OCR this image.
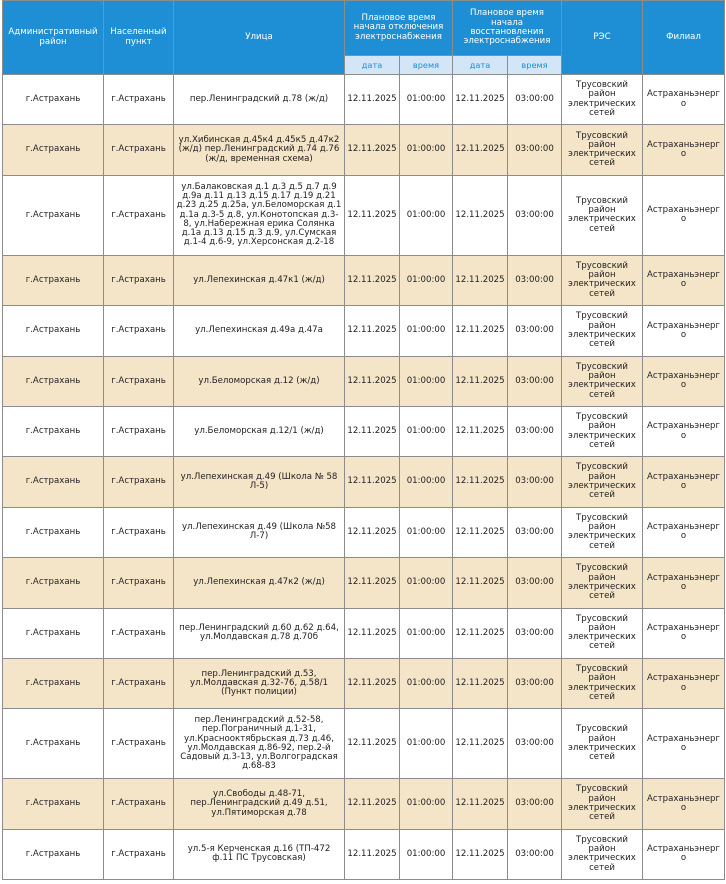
Административный район	Населенный пункт	Улица	Плановое время начала отключения электроснабжения		Плановое время начала восстановления электроснабжения		РЭС	Филиал
			дата	время	дата	время		
г.Астрахань	г.Астрахань	пер.Ленинградский д.78 (ж/д)	12.11.2025	01:00:00	12.11.2025	03:00:00	Трусовский район электрических сетей	Астраханьэнерго
г.Астрахань	г.Астрахань	ул.Хибинская д.45к4 д.45к5 д.47к2 (ж/д) пер.Ленинградский д.74 д.76 (ж/д, временная схема)	12.11.2025	01:00:00	12.11.2025	03:00:00	Трусовский район электрических сетей	Астраханьэнерго
г.Астрахань	г.Астрахань	ул.Балаковская д.1 д.3 д.5 д.7 д.9 д.9а д.11 д.13 д.15 д.17 д.19 д.21 д.23 д.25 д.25а, ул.Беломорская д.1 д.1а д.3-5 д.8, ул.Конотопская д.3-8, ул.Набережная ерика Солянка д.1а д.13 д.15 д.3 д.9, ул.Сумская д.1-4 д.6-9, ул.Херсонская д.2-18	12.11.2025	01:00:00	12.11.2025	03:00:00	Трусовский район электрических сетей	Астраханьэнерго
г.Астрахань	г.Астрахань	ул.Лепехинская д.47к1 (ж/д)	12.11.2025	01:00:00	12.11.2025	03:00:00	Трусовский район электрических сетей	Астраханьэнерго
г.Астрахань	г.Астрахань	ул.Лепехинская д.49а д.47а	12.11.2025	01:00:00	12.11.2025	03:00:00	Трусовский район электрических сетей	Астраханьэнерго
г.Астрахань	г.Астрахань	ул.Беломорская д.12 (ж/д)	12.11.2025	01:00:00	12.11.2025	03:00:00	Трусовский район электрических сетей	Астраханьэнерго
г.Астрахань	г.Астрахань	ул.Беломорская д.12/1 (ж/д)	12.11.2025	01:00:00	12.11.2025	03:00:00	Трусовский район электрических сетей	Астраханьэнерго
г.Астрахань	г.Астрахань	ул.Лепехинская д.49 (Школа № 58 Л-5)	12.11.2025	01:00:00	12.11.2025	03:00:00	Трусовский район электрических сетей	Астраханьэнерго
г.Астрахань	г.Астрахань	ул.Лепехинская д.49 (Школа №58 Л-7)	12.11.2025	01:00:00	12.11.2025	03:00:00	Трусовский район электрических сетей	Астраханьэнерго
г.Астрахань	г.Астрахань	ул.Лепехинская д.47к2 (ж/д)	12.11.2025	01:00:00	12.11.2025	03:00:00	Трусовский район электрических сетей	Астраханьэнерго
г.Астрахань	г.Астрахань	пер.Ленинградский д.60 д.62 д.64, ул.Молдавская д.78 д.70б	12.11.2025	01:00:00	12.11.2025	03:00:00	Трусовский район электрических сетей	Астраханьэнерго
г.Астрахань	г.Астрахань	пер.Ленинградский д.53, ул.Молдавская д.32-76, д.58/1 (Пункт полиции)	12.11.2025	01:00:00	12.11.2025	03:00:00	Трусовский район электрических сетей	Астраханьэнерго
г.Астрахань	г.Астрахань	пер.Ленинградский д.52-58, пер.Пограничный д.1-31, ул.Краснооктябрьская д.73 д.46, ул.Молдавская д.86-92, пер.2-й Садовый д.3-13, ул.Волгоградская д.68-83	12.11.2025	01:00:00	12.11.2025	03:00:00	Трусовский район электрических сетей	Астраханьэнерго
г.Астрахань	г.Астрахань	ул.Свободы д.48-71, пер.Ленинградский д.49 д.51, ул.Пятиморская д.78	12.11.2025	01:00:00	12.11.2025	03:00:00	Трусовский район электрических сетей	Астраханьэнерго
г.Астрахань	г.Астрахань	ул.5-я Керченская д.16 (ТП-472 ф.11 ПС Трусовская)	12.11.2025	01:00:00	12.11.2025	03:00:00	Трусовский район электрических сетей	Астраханьэнерго
